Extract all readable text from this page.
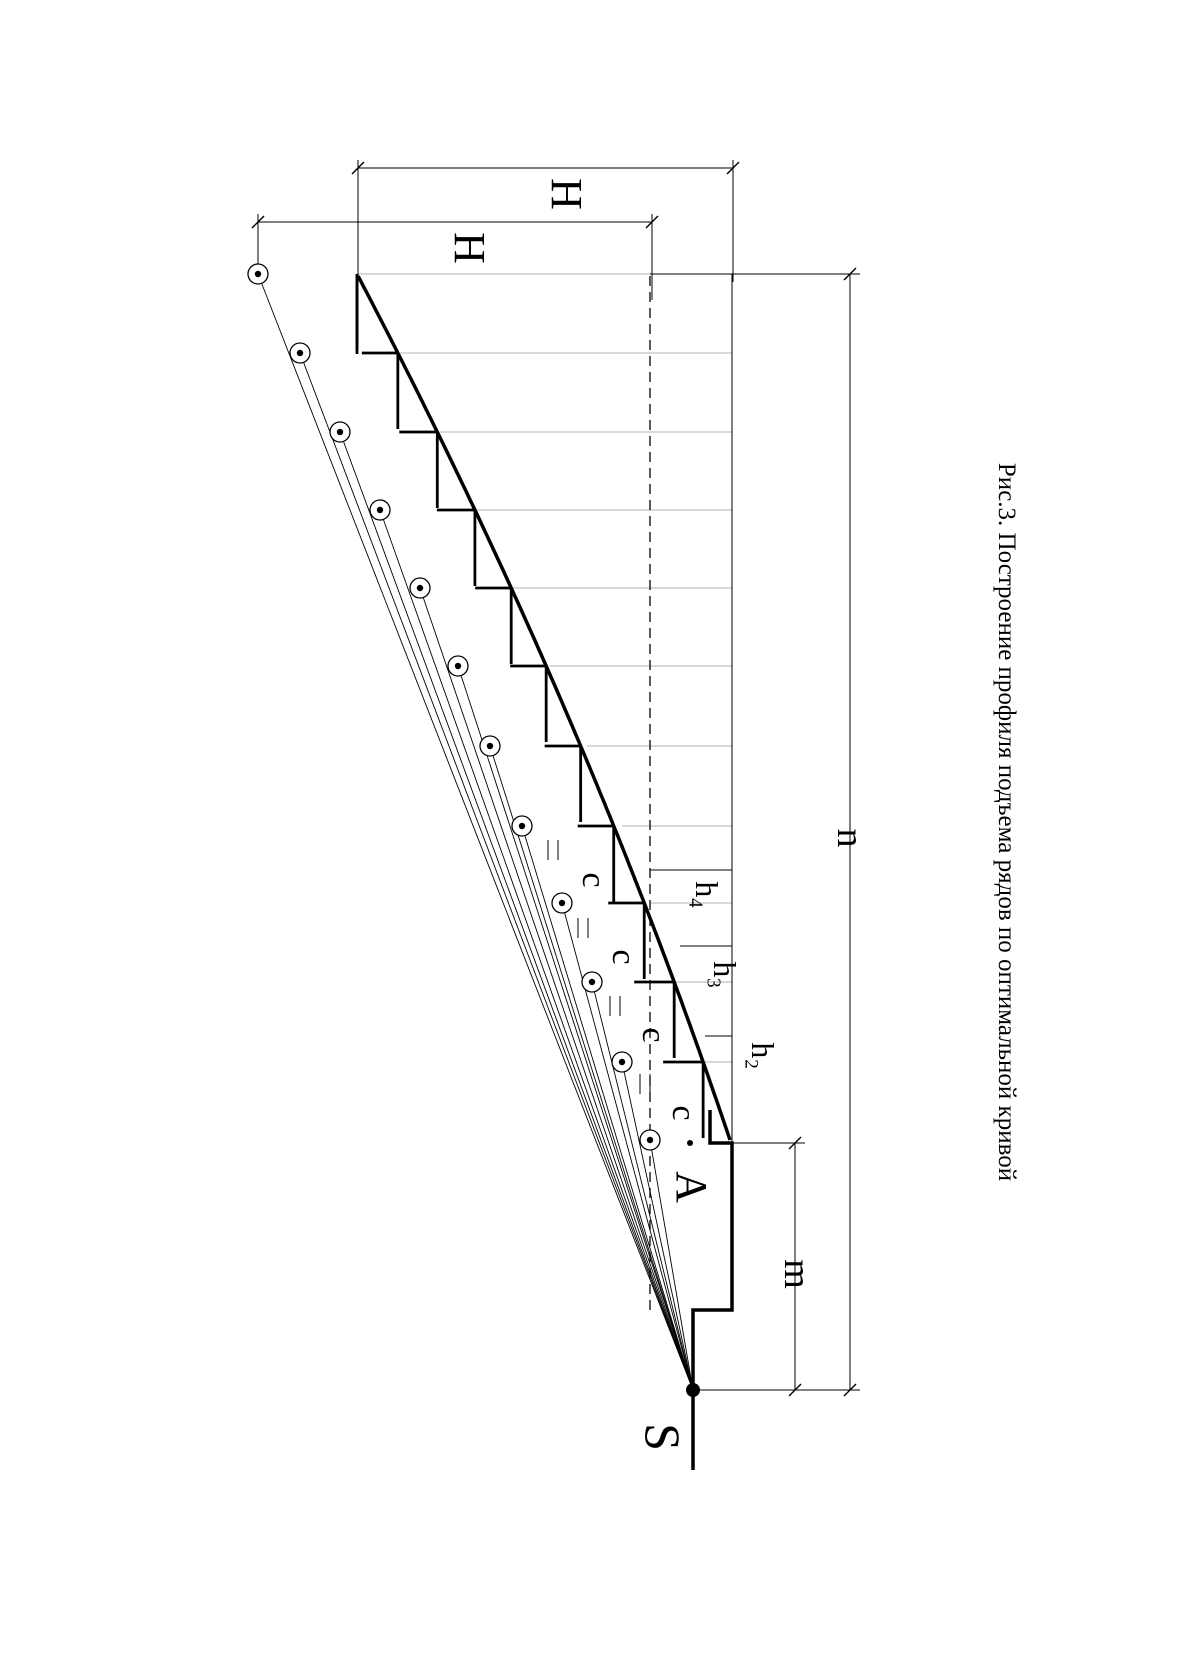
H
H
n
m
S
A
h₄
h₃
h₂
c
c
c
c	Рис.3. Построение профиля подъема рядов по оптимальной кривой
